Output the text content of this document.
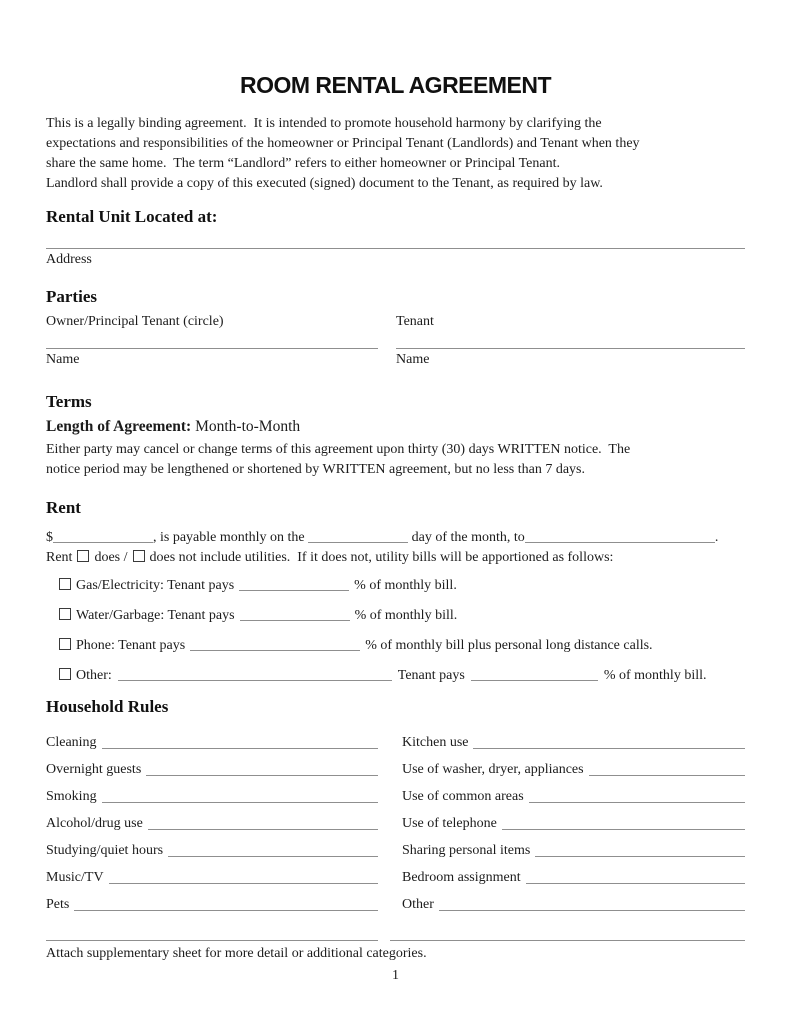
ROOM RENTAL AGREEMENT
This is a legally binding agreement.  It is intended to promote household harmony by clarifying the
expectations and responsibilities of the homeowner or Principal Tenant (Landlords) and Tenant when they
share the same home.  The term “Landlord” refers to either homeowner or Principal Tenant.
Landlord shall provide a copy of this executed (signed) document to the Tenant, as required by law.
Rental Unit Located at:
Address
Parties
Owner/Principal Tenant (circle)	Tenant
Name	Name
Terms
Length of Agreement: Month-to-Month
Either party may cancel or change terms of this agreement upon thirty (30) days WRITTEN notice.  The
notice period may be lengthened or shortened by WRITTEN agreement, but no less than 7 days.
Rent
$	, is payable monthly on the	day of the month, to	.
Rent does / does not include utilities.  If it does not, utility bills will be apportioned as follows:
Gas/Electricity: Tenant pays	% of monthly bill.
Water/Garbage: Tenant pays	% of monthly bill.
Phone: Tenant pays	% of monthly bill plus personal long distance calls.
Other:	Tenant pays	% of monthly bill.
Household Rules
Cleaning	Kitchen use
Overnight guests	Use of washer, dryer, appliances
Smoking	Use of common areas
Alcohol/drug use	Use of telephone
Studying/quiet hours	Sharing personal items
Music/TV	Bedroom assignment
Pets	Other
Attach supplementary sheet for more detail or additional categories.
1
